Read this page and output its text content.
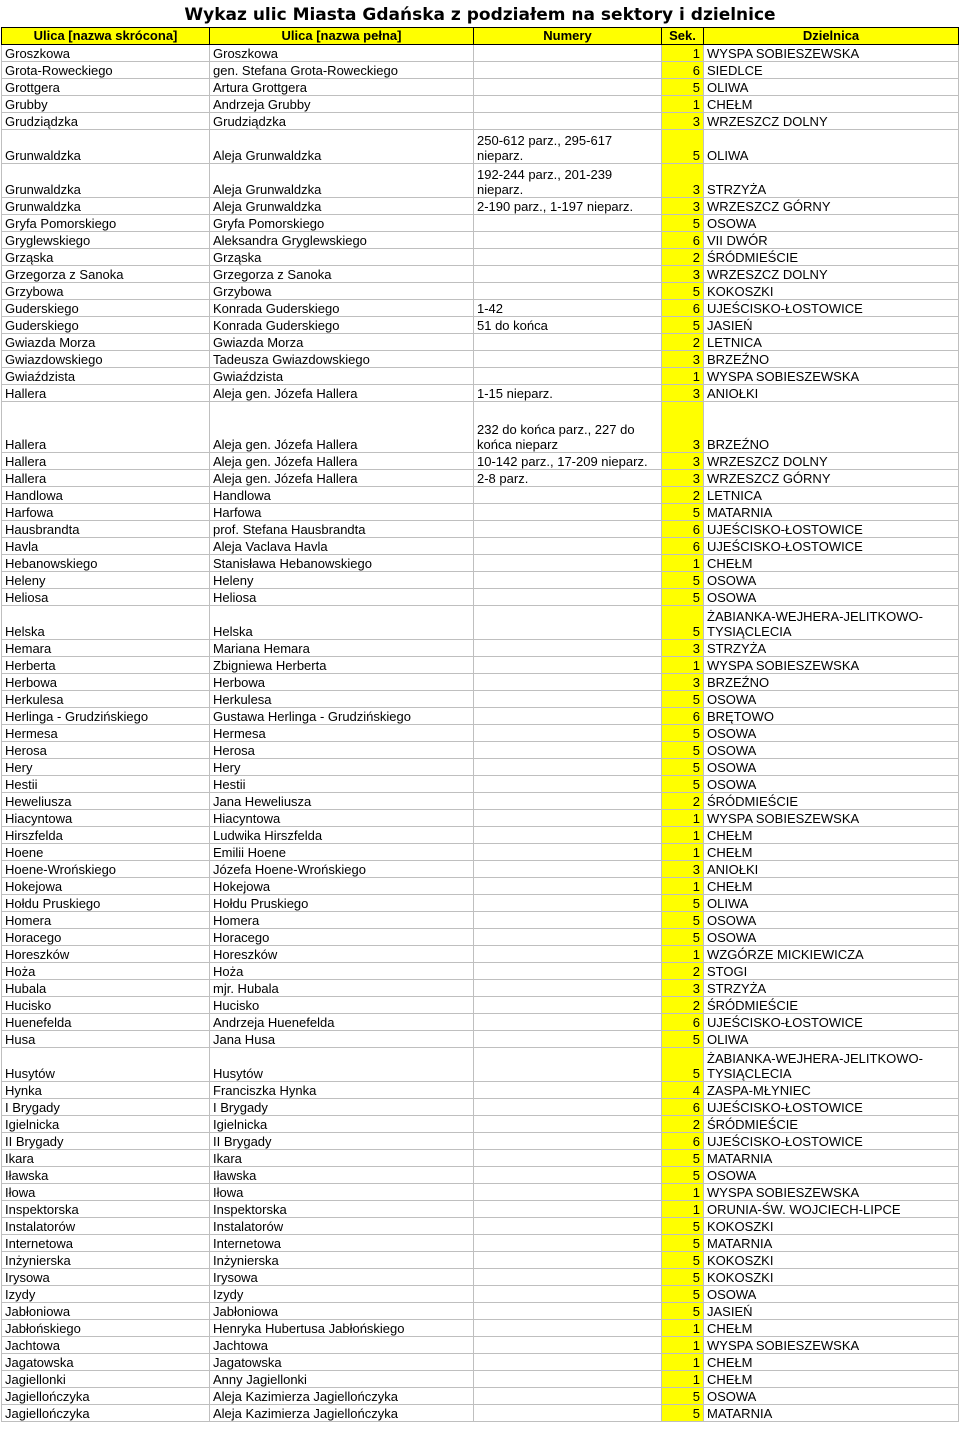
Wykaz ulic Miasta Gdańska z podziałem na sektory i dzielnice
Ulica [nazwa skrócona]	Ulica [nazwa pełna]	Numery	Sek.	Dzielnica
Groszkowa	Groszkowa		1	WYSPA SOBIESZEWSKA
Grota-Roweckiego	gen. Stefana Grota-Roweckiego		6	SIEDLCE
Grottgera	Artura Grottgera		5	OLIWA
Grubby	Andrzeja Grubby		1	CHEŁM
Grudziądzka	Grudziądzka		3	WRZESZCZ DOLNY
Grunwaldzka	Aleja Grunwaldzka	250-612 parz., 295-617 nieparz.	5	OLIWA
Grunwaldzka	Aleja Grunwaldzka	192-244 parz., 201-239 nieparz.	3	STRZYŻA
Grunwaldzka	Aleja Grunwaldzka	2-190 parz., 1-197 nieparz.	3	WRZESZCZ GÓRNY
Gryfa Pomorskiego	Gryfa Pomorskiego		5	OSOWA
Gryglewskiego	Aleksandra Gryglewskiego		6	VII DWÓR
Grząska	Grząska		2	ŚRÓDMIEŚCIE
Grzegorza z Sanoka	Grzegorza z Sanoka		3	WRZESZCZ DOLNY
Grzybowa	Grzybowa		5	KOKOSZKI
Guderskiego	Konrada Guderskiego	1-42	6	UJEŚCISKO-ŁOSTOWICE
Guderskiego	Konrada Guderskiego	51 do końca	5	JASIEŃ
Gwiazda Morza	Gwiazda Morza		2	LETNICA
Gwiazdowskiego	Tadeusza Gwiazdowskiego		3	BRZEŹNO
Gwiaździsta	Gwiaździsta		1	WYSPA SOBIESZEWSKA
Hallera	Aleja gen. Józefa Hallera	1-15 nieparz.	3	ANIOŁKI
Hallera	Aleja gen. Józefa Hallera	232 do końca parz., 227 do końca nieparz	3	BRZEŹNO
Hallera	Aleja gen. Józefa Hallera	10-142 parz., 17-209 nieparz.	3	WRZESZCZ DOLNY
Hallera	Aleja gen. Józefa Hallera	2-8 parz.	3	WRZESZCZ GÓRNY
Handlowa	Handlowa		2	LETNICA
Harfowa	Harfowa		5	MATARNIA
Hausbrandta	prof. Stefana Hausbrandta		6	UJEŚCISKO-ŁOSTOWICE
Havla	Aleja Vaclava Havla		6	UJEŚCISKO-ŁOSTOWICE
Hebanowskiego	Stanisława Hebanowskiego		1	CHEŁM
Heleny	Heleny		5	OSOWA
Heliosa	Heliosa		5	OSOWA
Helska	Helska		5	ŻABIANKA-WEJHERA-JELITKOWO-TYSIĄCLECIA
Hemara	Mariana Hemara		3	STRZYŻA
Herberta	Zbigniewa Herberta		1	WYSPA SOBIESZEWSKA
Herbowa	Herbowa		3	BRZEŹNO
Herkulesa	Herkulesa		5	OSOWA
Herlinga - Grudzińskiego	Gustawa Herlinga - Grudzińskiego		6	BRĘTOWO
Hermesa	Hermesa		5	OSOWA
Herosa	Herosa		5	OSOWA
Hery	Hery		5	OSOWA
Hestii	Hestii		5	OSOWA
Heweliusza	Jana Heweliusza		2	ŚRÓDMIEŚCIE
Hiacyntowa	Hiacyntowa		1	WYSPA SOBIESZEWSKA
Hirszfelda	Ludwika Hirszfelda		1	CHEŁM
Hoene	Emilii Hoene		1	CHEŁM
Hoene-Wrońskiego	Józefa Hoene-Wrońskiego		3	ANIOŁKI
Hokejowa	Hokejowa		1	CHEŁM
Hołdu Pruskiego	Hołdu Pruskiego		5	OLIWA
Homera	Homera		5	OSOWA
Horacego	Horacego		5	OSOWA
Horeszków	Horeszków		1	WZGÓRZE MICKIEWICZA
Hoża	Hoża		2	STOGI
Hubala	mjr. Hubala		3	STRZYŻA
Hucisko	Hucisko		2	ŚRÓDMIEŚCIE
Huenefelda	Andrzeja Huenefelda		6	UJEŚCISKO-ŁOSTOWICE
Husa	Jana Husa		5	OLIWA
Husytów	Husytów		5	ŻABIANKA-WEJHERA-JELITKOWO-TYSIĄCLECIA
Hynka	Franciszka Hynka		4	ZASPA-MŁYNIEC
I Brygady	I Brygady		6	UJEŚCISKO-ŁOSTOWICE
Igielnicka	Igielnicka		2	ŚRÓDMIEŚCIE
II Brygady	II Brygady		6	UJEŚCISKO-ŁOSTOWICE
Ikara	Ikara		5	MATARNIA
Iławska	Iławska		5	OSOWA
Iłowa	Iłowa		1	WYSPA SOBIESZEWSKA
Inspektorska	Inspektorska		1	ORUNIA-ŚW. WOJCIECH-LIPCE
Instalatorów	Instalatorów		5	KOKOSZKI
Internetowa	Internetowa		5	MATARNIA
Inżynierska	Inżynierska		5	KOKOSZKI
Irysowa	Irysowa		5	KOKOSZKI
Izydy	Izydy		5	OSOWA
Jabłoniowa	Jabłoniowa		5	JASIEŃ
Jabłońskiego	Henryka Hubertusa Jabłońskiego		1	CHEŁM
Jachtowa	Jachtowa		1	WYSPA SOBIESZEWSKA
Jagatowska	Jagatowska		1	CHEŁM
Jagiellonki	Anny Jagiellonki		1	CHEŁM
Jagiellończyka	Aleja Kazimierza Jagiellończyka		5	OSOWA
Jagiellończyka	Aleja Kazimierza Jagiellończyka		5	MATARNIA
